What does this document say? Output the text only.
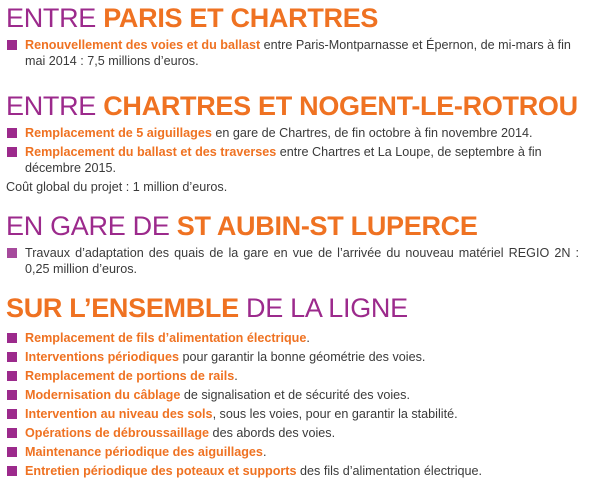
ENTRE PARIS ET CHARTRES
Renouvellement des voies et du ballast entre Paris-Montparnasse et Épernon, de mi-mars à fin mai 2014 : 7,5 millions d’euros.
ENTRE CHARTRES ET NOGENT-LE-ROTROU
Remplacement de 5 aiguillages en gare de Chartres, de fin octobre à fin novembre 2014.
Remplacement du ballast et des traverses entre Chartres et La Loupe, de septembre à fin décembre 2015.
Coût global du projet : 1 million d’euros.
EN GARE DE ST AUBIN-ST LUPERCE
Travaux d’adaptation des quais de la gare en vue de l’arrivée du nouveau matériel REGIO 2N : 0,25 million d’euros.
SUR L’ENSEMBLE DE LA LIGNE
Remplacement de fils d’alimentation électrique.
Interventions périodiques pour garantir la bonne géométrie des voies.
Remplacement de portions de rails.
Modernisation du câblage de signalisation et de sécurité des voies.
Intervention au niveau des sols, sous les voies, pour en garantir la stabilité.
Opérations de débroussaillage des abords des voies.
Maintenance périodique des aiguillages.
Entretien périodique des poteaux et supports des fils d’alimentation électrique.
